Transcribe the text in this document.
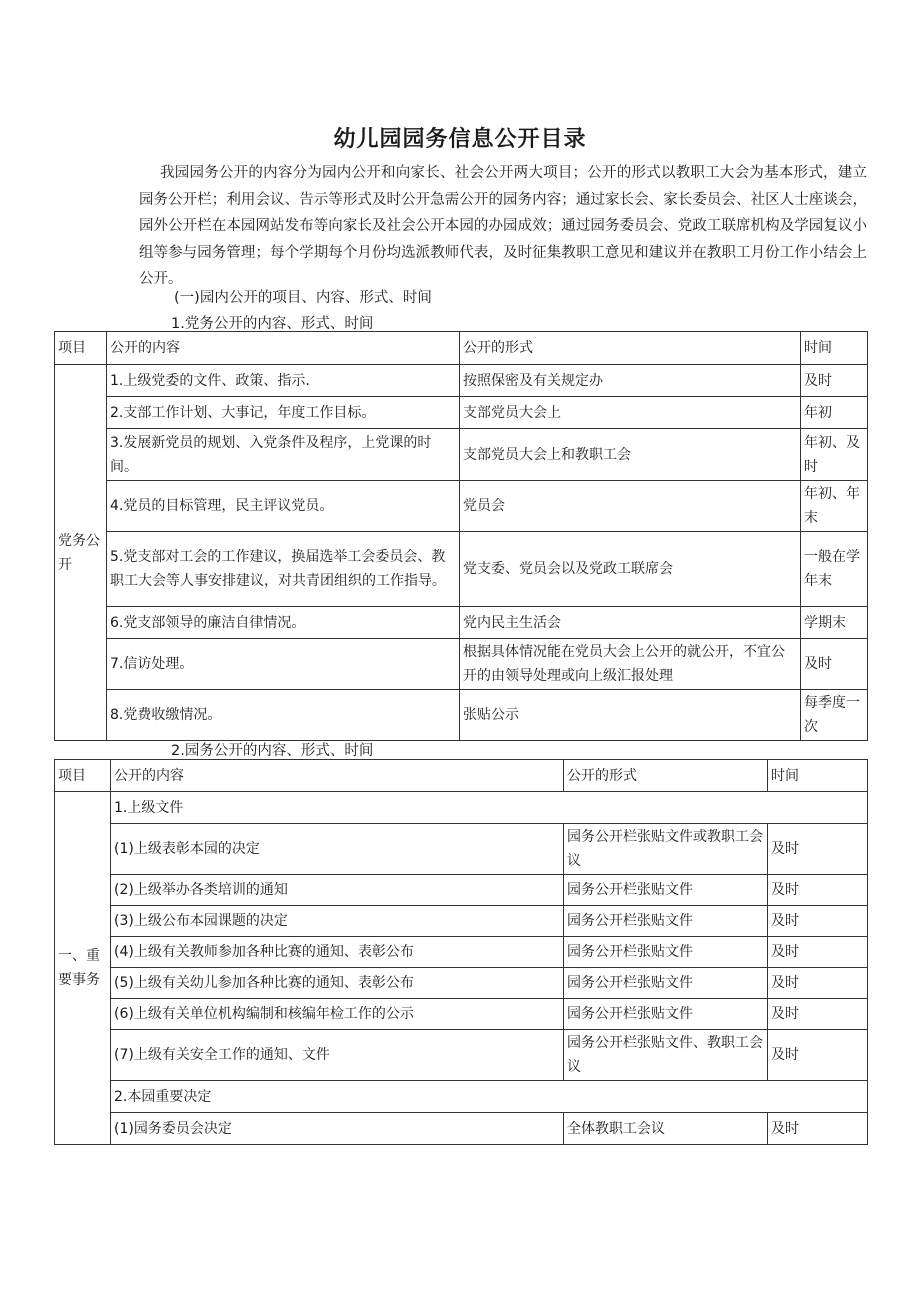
幼儿园园务信息公开目录

我园园务公开的内容分为园内公开和向家长、社会公开两大项目；公开的形式以教职工大会为基本形式，建立园务公开栏；利用会议、告示等形式及时公开急需公开的园务内容；通过家长会、家长委员会、社区人士座谈会，园外公开栏在本园网站发布等向家长及社会公开本园的办园成效；通过园务委员会、党政工联席机构及学园复议小组等参与园务管理；每个学期每个月份均选派教师代表，及时征集教职工意见和建议并在教职工月份工作小结会上公开。

(一)园内公开的项目、内容、形式、时间
1.党务公开的内容、形式、时间
项目	公开的内容	公开的形式	时间
党务公开	1.上级党委的文件、政策、指示.	按照保密及有关规定办	及时
	2.支部工作计划、大事记，年度工作目标。	支部党员大会上	年初
	3.发展新党员的规划、入党条件及程序，上党课的时间。	支部党员大会上和教职工会	年初、及时
	4.党员的目标管理，民主评议党员。	党员会	年初、年末
	5.党支部对工会的工作建议，换届选举工会委员会、教职工大会等人事安排建议，对共青团组织的工作指导。	党支委、党员会以及党政工联席会	一般在学年末
	6.党支部领导的廉洁自律情况。	党内民主生活会	学期末
	7.信访处理。	根据具体情况能在党员大会上公开的就公开，不宜公开的由领导处理或向上级汇报处理	及时
	8.党费收缴情况。	张贴公示	每季度一次
2.园务公开的内容、形式、时间
项目	公开的内容	公开的形式	时间
一、重要事务	1.上级文件		
	(1)上级表彰本园的决定	园务公开栏张贴文件或教职工会议	及时
	(2)上级举办各类培训的通知	园务公开栏张贴文件	及时
	(3)上级公布本园课题的决定	园务公开栏张贴文件	及时
	(4)上级有关教师参加各种比赛的通知、表彰公布	园务公开栏张贴文件	及时
	(5)上级有关幼儿参加各种比赛的通知、表彰公布	园务公开栏张贴文件	及时
	(6)上级有关单位机构编制和核编年检工作的公示	园务公开栏张贴文件	及时
	(7)上级有关安全工作的通知、文件	园务公开栏张贴文件、教职工会议	及时
	2.本园重要决定		
	(1)园务委员会决定	全体教职工会议	及时
